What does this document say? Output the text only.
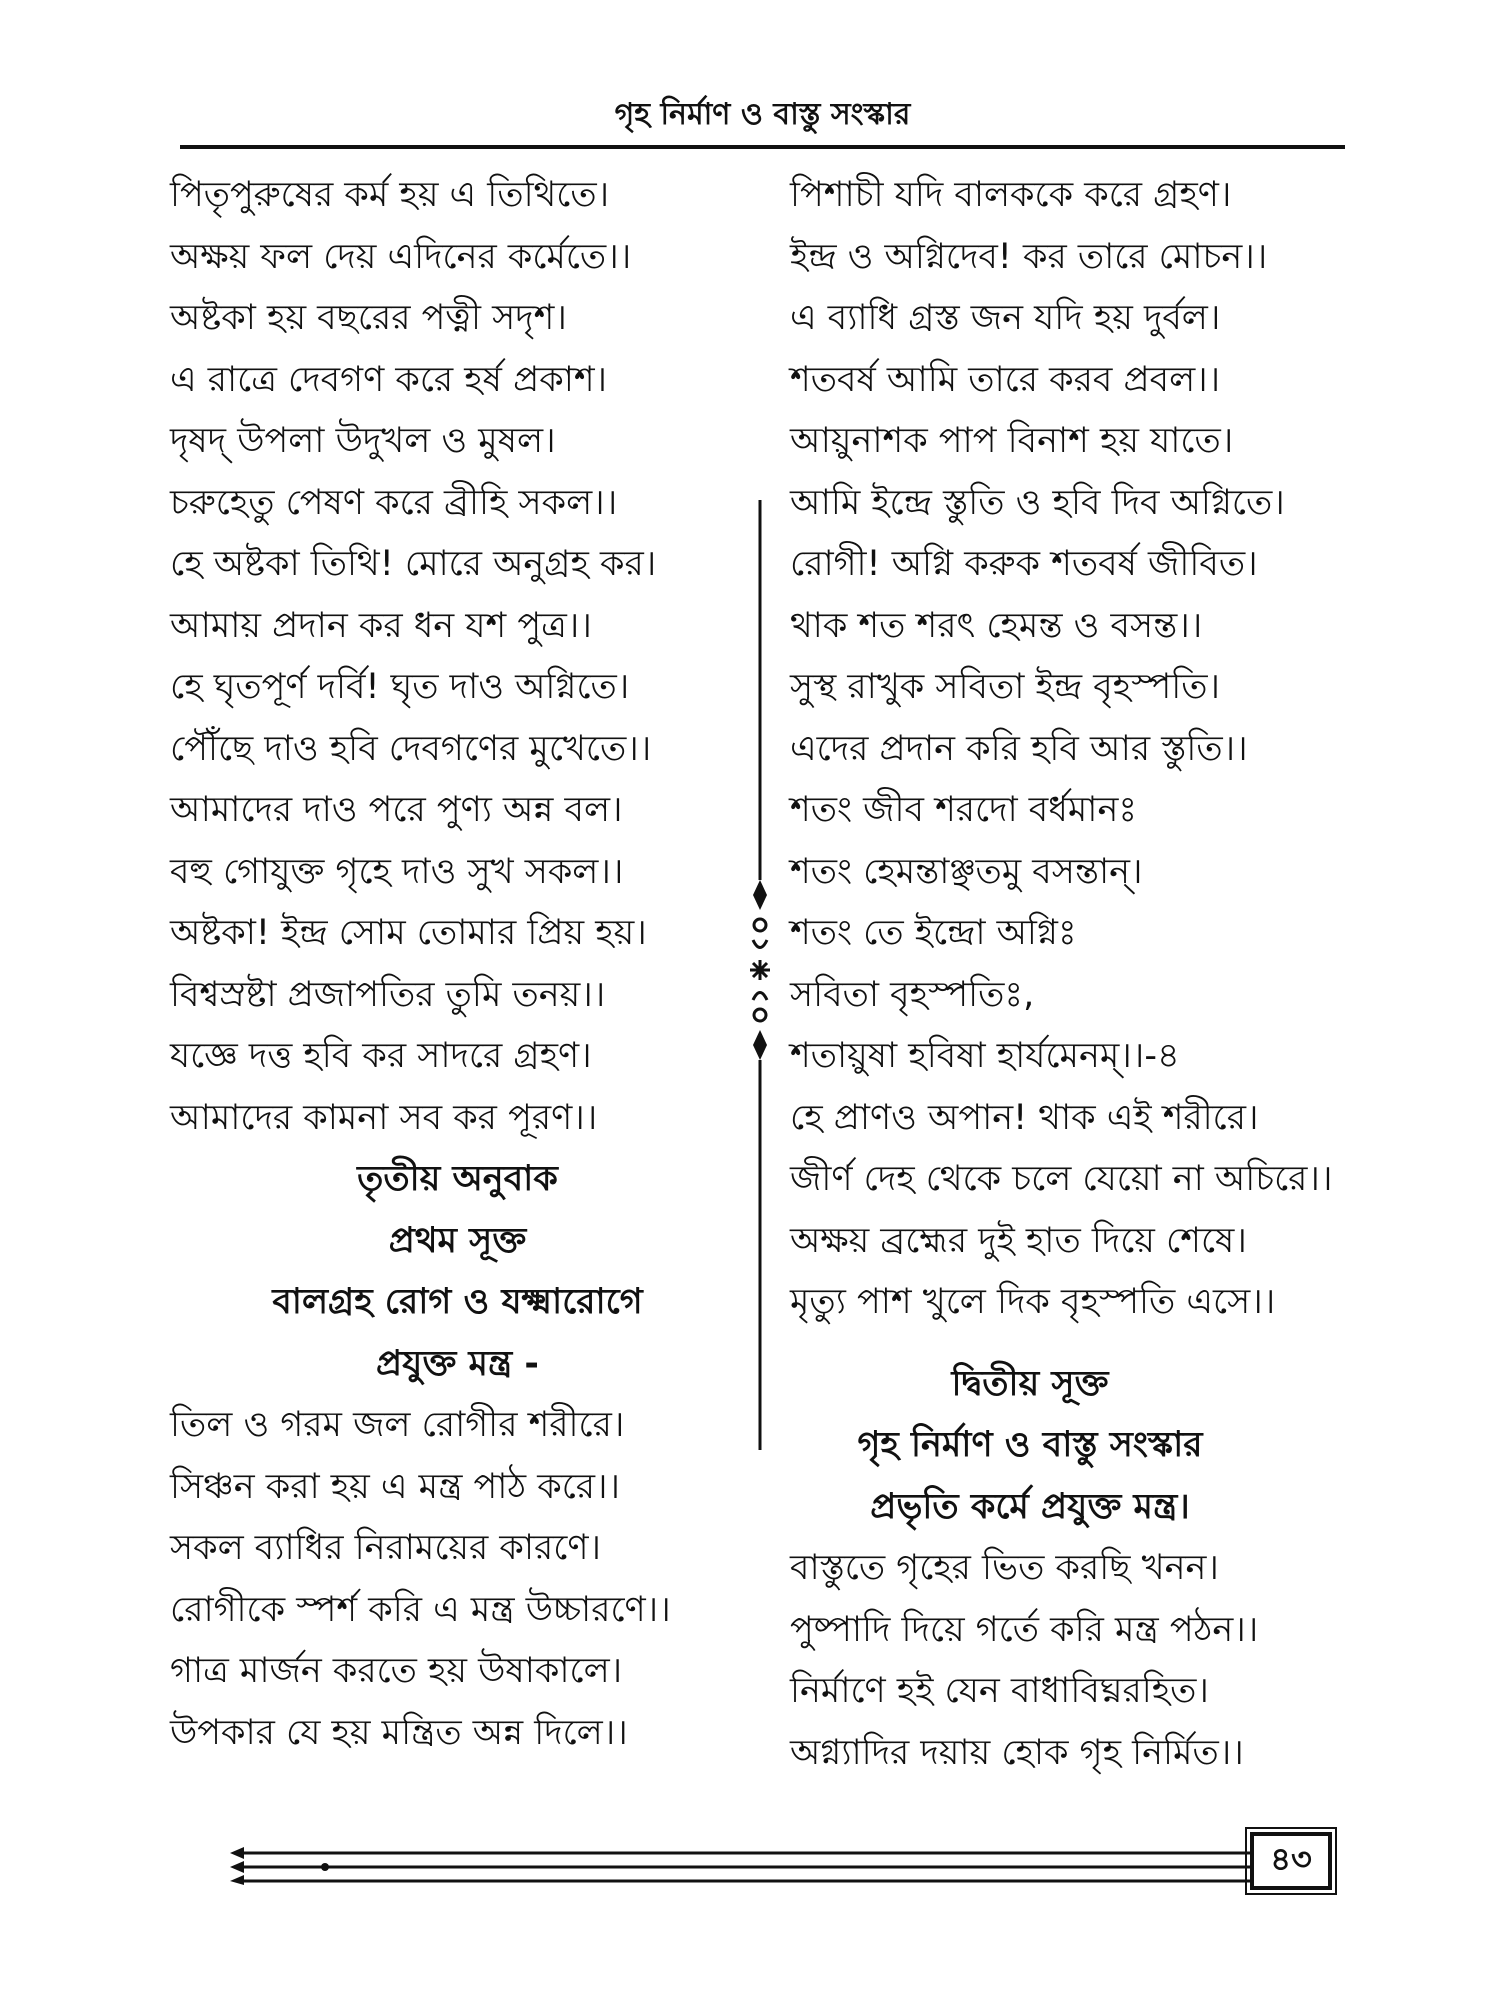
গৃহ নির্মাণ ও বাস্তু সংস্কার
পিতৃপুরুষের কর্ম হয় এ তিথিতে।
অক্ষয় ফল দেয় এদিনের কর্মেতে।।
অষ্টকা হয় বছরের পত্নী সদৃশ।
এ রাত্রে দেবগণ করে হর্ষ প্রকাশ।
দৃষদ্ উপলা উদুখল ও মুষল।
চরুহেতু পেষণ করে ব্রীহি সকল।।
হে অষ্টকা তিথি! মোরে অনুগ্রহ কর।
আমায় প্রদান কর ধন যশ পুত্র।।
হে ঘৃতপূর্ণ দর্বি! ঘৃত দাও অগ্নিতে।
পৌঁছে দাও হবি দেবগণের মুখেতে।।
আমাদের দাও পরে পুণ্য অন্ন বল।
বহু গোযুক্ত গৃহে দাও সুখ সকল।।
অষ্টকা! ইন্দ্র সোম তোমার প্রিয় হয়।
বিশ্বস্রষ্টা প্রজাপতির তুমি তনয়।।
যজ্ঞে দত্ত হবি কর সাদরে গ্রহণ।
আমাদের কামনা সব কর পূরণ।।
তৃতীয় অনুবাক
প্রথম সূক্ত
বালগ্রহ রোগ ও যক্ষ্মারোগে
প্রযুক্ত মন্ত্র -
তিল ও গরম জল রোগীর শরীরে।
সিঞ্চন করা হয় এ মন্ত্র পাঠ করে।।
সকল ব্যাধির নিরাময়ের কারণে।
রোগীকে স্পর্শ করি এ মন্ত্র উচ্চারণে।।
গাত্র মার্জন করতে হয় উষাকালে।
উপকার যে হয় মন্ত্রিত অন্ন দিলে।।
পিশাচী যদি বালককে করে গ্রহণ।
ইন্দ্র ও অগ্নিদেব! কর তারে মোচন।।
এ ব্যাধি গ্রস্ত জন যদি হয় দুর্বল।
শতবর্ষ আমি তারে করব প্রবল।।
আয়ুনাশক পাপ বিনাশ হয় যাতে।
আমি ইন্দ্রে স্তুতি ও হবি দিব অগ্নিতে।
রোগী! অগ্নি করুক শতবর্ষ জীবিত।
থাক শত শরৎ হেমন্ত ও বসন্ত।।
সুস্থ রাখুক সবিতা ইন্দ্র বৃহস্পতি।
এদের প্রদান করি হবি আর স্তুতি।।
শতং জীব শরদো বর্ধমানঃ
শতং হেমন্তাঞ্ছতমু বসন্তান্।
শতং তে ইন্দ্রো অগ্নিঃ
সবিতা বৃহস্পতিঃ,
শতায়ুষা হবিষা হার্যমেনম্।।-৪
হে প্রাণও অপান! থাক এই শরীরে।
জীর্ণ দেহ থেকে চলে যেয়ো না অচিরে।।
অক্ষয় ব্রহ্মের দুই হাত দিয়ে শেষে।
মৃত্যু পাশ খুলে দিক বৃহস্পতি এসে।।
দ্বিতীয় সূক্ত
গৃহ নির্মাণ ও বাস্তু সংস্কার
প্রভৃতি কর্মে প্রযুক্ত মন্ত্র।
বাস্তুতে গৃহের ভিত করছি খনন।
পুষ্পাদি দিয়ে গর্তে করি মন্ত্র পঠন।।
নির্মাণে হই যেন বাধাবিঘ্নরহিত।
অগ্ন্যাদির দয়ায় হোক গৃহ নির্মিত।।
৪৩
